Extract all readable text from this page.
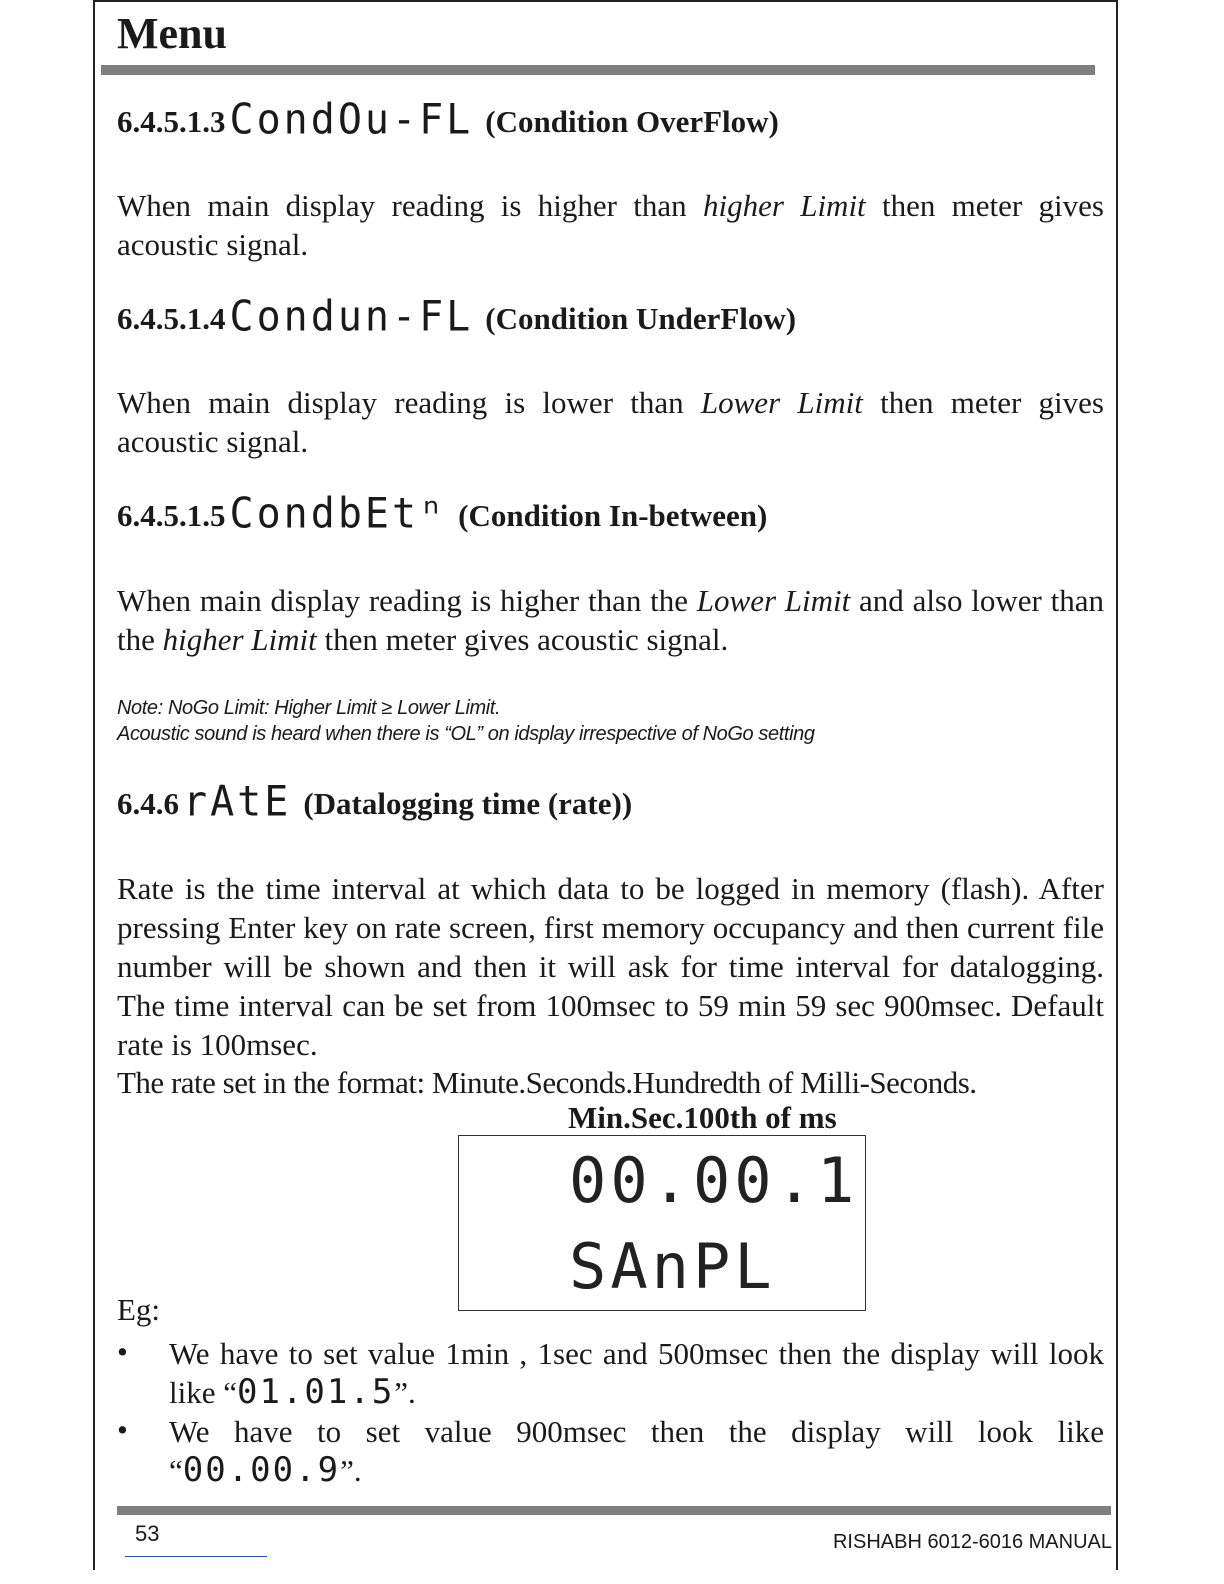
Menu
6.4.5.1.3 CondOu-FL (Condition OverFlow)
When main display reading is higher than higher Limit then meter gives acoustic signal.
6.4.5.1.4 Condun-FL (Condition UnderFlow)
When main display reading is lower than Lower Limit then meter gives acoustic signal.
6.4.5.1.5 CondbEtⁿ (Condition In-between)
When main display reading is higher than the Lower Limit and also lower than the higher Limit then meter gives acoustic signal.
Note: NoGo Limit: Higher Limit ≥ Lower Limit.
Acoustic sound is heard when there is “OL” on idsplay irrespective of NoGo setting
6.4.6 rAtE (Datalogging time (rate))
Rate is the time interval at which data to be logged in memory (flash). After pressing Enter key on rate screen, first memory occupancy and then current file number will be shown and then it will ask for time interval for datalogging. The time interval can be set from 100msec to 59 min 59 sec 900msec. Default rate is 100msec.
The rate set in the format: Minute.Seconds.Hundredth of Milli-Seconds.
Min.Sec.100th of ms
00.00.1
SAnPL
Eg:
• We have to set value 1min , 1sec and 500msec then the display will look like “01.01.5”.
• We have to set value 900msec then the display will look like “00.00.9”.
53	RISHABH 6012-6016 MANUAL
